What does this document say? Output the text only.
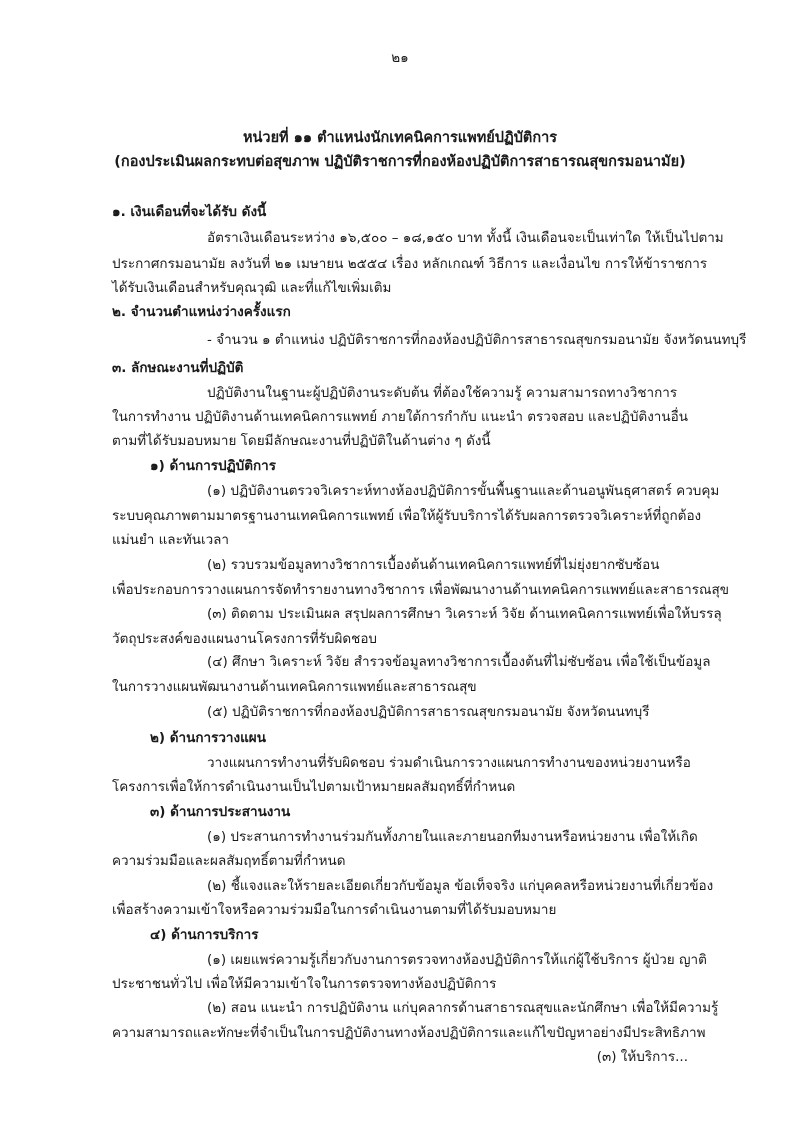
๒๑
หน่วยที่ ๑๑ ตำแหน่งนักเทคนิคการแพทย์ปฏิบัติการ
(กองประเมินผลกระทบต่อสุขภาพ ปฏิบัติราชการที่กองห้องปฏิบัติการสาธารณสุขกรมอนามัย)
๑. เงินเดือนที่จะได้รับ ดังนี้
อัตราเงินเดือนระหว่าง ๑๖,๕๐๐ – ๑๘,๑๕๐ บาท ทั้งนี้ เงินเดือนจะเป็นเท่าใด ให้เป็นไปตาม
ประกาศกรมอนามัย ลงวันที่ ๒๑ เมษายน ๒๕๕๔ เรื่อง หลักเกณฑ์ วิธีการ และเงื่อนไข การให้ข้าราชการ
ได้รับเงินเดือนสำหรับคุณวุฒิ และที่แก้ไขเพิ่มเติม
๒. จำนวนตำแหน่งว่างครั้งแรก
- จำนวน ๑ ตำแหน่ง ปฏิบัติราชการที่กองห้องปฏิบัติการสาธารณสุขกรมอนามัย จังหวัดนนทบุรี
๓. ลักษณะงานที่ปฏิบัติ
ปฏิบัติงานในฐานะผู้ปฏิบัติงานระดับต้น ที่ต้องใช้ความรู้ ความสามารถทางวิชาการ
ในการทำงาน ปฏิบัติงานด้านเทคนิคการแพทย์ ภายใต้การกำกับ แนะนำ ตรวจสอบ และปฏิบัติงานอื่น
ตามที่ได้รับมอบหมาย โดยมีลักษณะงานที่ปฏิบัติในด้านต่าง ๆ ดังนี้
๑) ด้านการปฏิบัติการ
(๑) ปฏิบัติงานตรวจวิเคราะห์ทางห้องปฏิบัติการขั้นพื้นฐานและด้านอนูพันธุศาสตร์ ควบคุม
ระบบคุณภาพตามมาตรฐานงานเทคนิคการแพทย์ เพื่อให้ผู้รับบริการได้รับผลการตรวจวิเคราะห์ที่ถูกต้อง
แม่นยำ และทันเวลา
(๒) รวบรวมข้อมูลทางวิชาการเบื้องต้นด้านเทคนิคการแพทย์ที่ไม่ยุ่งยากซับซ้อน
เพื่อประกอบการวางแผนการจัดทำรายงานทางวิชาการ เพื่อพัฒนางานด้านเทคนิคการแพทย์และสาธารณสุข
(๓) ติดตาม ประเมินผล สรุปผลการศึกษา วิเคราะห์ วิจัย ด้านเทคนิคการแพทย์เพื่อให้บรรลุ
วัตถุประสงค์ของแผนงานโครงการที่รับผิดชอบ
(๔) ศึกษา วิเคราะห์ วิจัย สำรวจข้อมูลทางวิชาการเบื้องต้นที่ไม่ซับซ้อน เพื่อใช้เป็นข้อมูล
ในการวางแผนพัฒนางานด้านเทคนิคการแพทย์และสาธารณสุข
(๕) ปฏิบัติราชการที่กองห้องปฏิบัติการสาธารณสุขกรมอนามัย จังหวัดนนทบุรี
๒) ด้านการวางแผน
วางแผนการทำงานที่รับผิดชอบ ร่วมดำเนินการวางแผนการทำงานของหน่วยงานหรือ
โครงการเพื่อให้การดำเนินงานเป็นไปตามเป้าหมายผลสัมฤทธิ์ที่กำหนด
๓) ด้านการประสานงาน
(๑) ประสานการทำงานร่วมกันทั้งภายในและภายนอกทีมงานหรือหน่วยงาน เพื่อให้เกิด
ความร่วมมือและผลสัมฤทธิ์ตามที่กำหนด
(๒) ชี้แจงและให้รายละเอียดเกี่ยวกับข้อมูล ข้อเท็จจริง แก่บุคคลหรือหน่วยงานที่เกี่ยวข้อง
เพื่อสร้างความเข้าใจหรือความร่วมมือในการดำเนินงานตามที่ได้รับมอบหมาย
๔) ด้านการบริการ
(๑) เผยแพร่ความรู้เกี่ยวกับงานการตรวจทางห้องปฏิบัติการให้แก่ผู้ใช้บริการ ผู้ป่วย ญาติ
ประชาชนทั่วไป เพื่อให้มีความเข้าใจในการตรวจทางห้องปฏิบัติการ
(๒) สอน แนะนำ การปฏิบัติงาน แก่บุคลากรด้านสาธารณสุขและนักศึกษา เพื่อให้มีความรู้
ความสามารถและทักษะที่จำเป็นในการปฏิบัติงานทางห้องปฏิบัติการและแก้ไขปัญหาอย่างมีประสิทธิภาพ
(๓) ให้บริการ...
